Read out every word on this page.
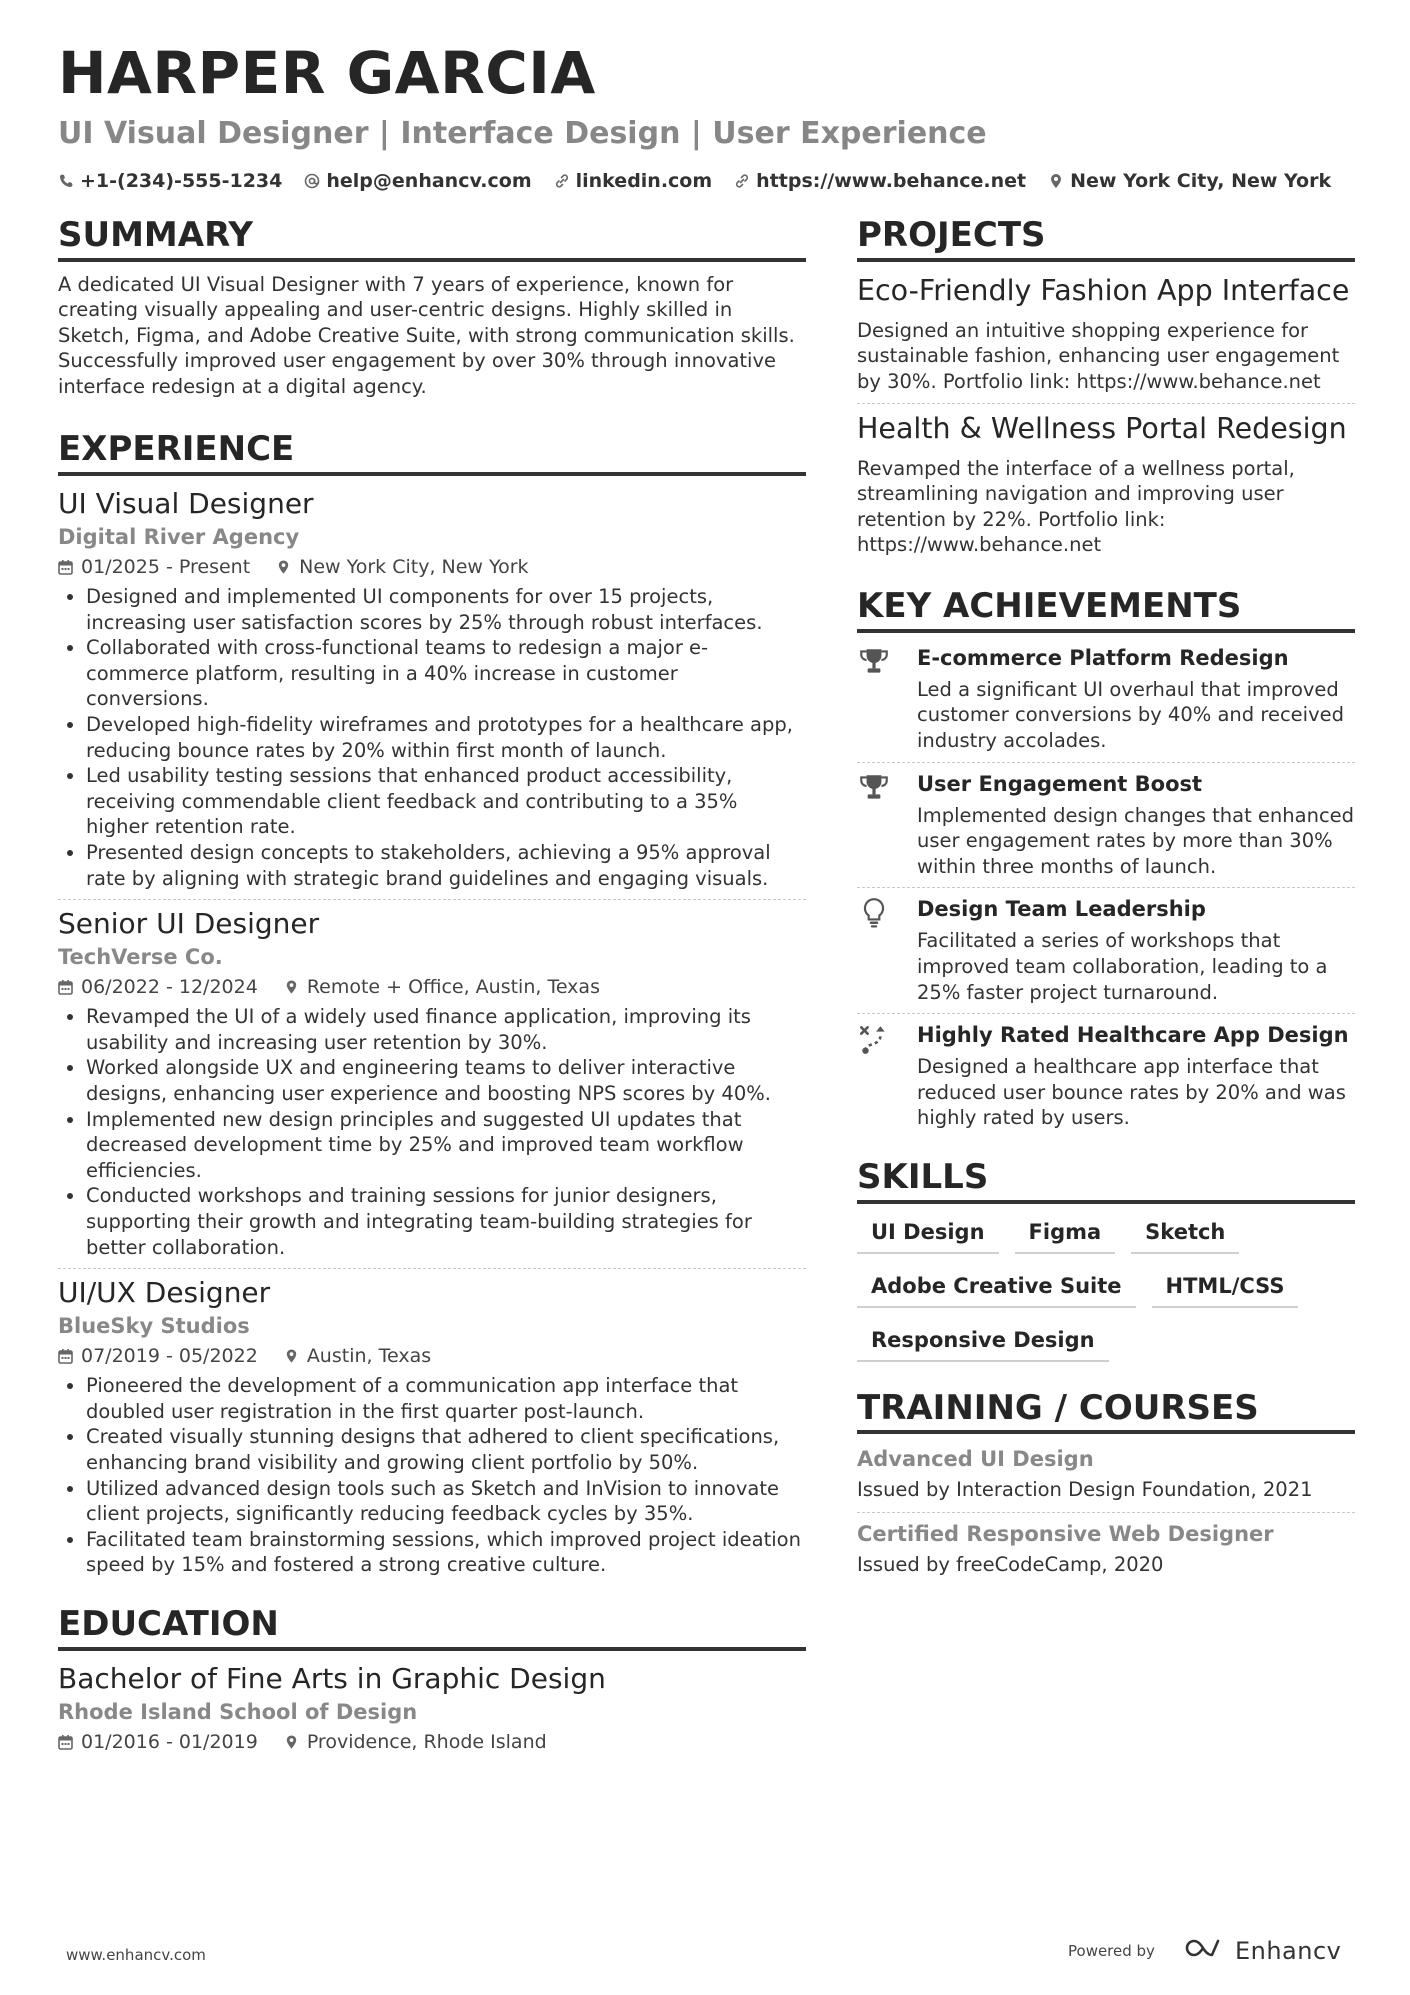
HARPER GARCIA
UI Visual Designer | Interface Design | User Experience
+1-(234)-555-1234 help@enhancv.com linkedin.com https://www.behance.net New York City, New York
SUMMARY

A dedicated UI Visual Designer with 7 years of experience, known for creating visually appealing and user-centric designs. Highly skilled in Sketch, Figma, and Adobe Creative Suite, with strong communication skills. Successfully improved user engagement by over 30% through innovative interface redesign at a digital agency.

EXPERIENCE
UI Visual Designer
Digital River Agency
01/2025 - Present	New York City, New York
• Designed and implemented UI components for over 15 projects, increasing user satisfaction scores by 25% through robust interfaces.
• Collaborated with cross-functional teams to redesign a major e-commerce platform, resulting in a 40% increase in customer conversions.
• Developed high-fidelity wireframes and prototypes for a healthcare app, reducing bounce rates by 20% within first month of launch.
• Led usability testing sessions that enhanced product accessibility, receiving commendable client feedback and contributing to a 35% higher retention rate.
• Presented design concepts to stakeholders, achieving a 95% approval rate by aligning with strategic brand guidelines and engaging visuals.
Senior UI Designer
TechVerse Co.
06/2022 - 12/2024	Remote + Office, Austin, Texas
• Revamped the UI of a widely used finance application, improving its usability and increasing user retention by 30%.
• Worked alongside UX and engineering teams to deliver interactive designs, enhancing user experience and boosting NPS scores by 40%.
• Implemented new design principles and suggested UI updates that decreased development time by 25% and improved team workflow efficiencies.
• Conducted workshops and training sessions for junior designers, supporting their growth and integrating team-building strategies for better collaboration.
UI/UX Designer
BlueSky Studios
07/2019 - 05/2022	Austin, Texas
• Pioneered the development of a communication app interface that doubled user registration in the first quarter post-launch.
• Created visually stunning designs that adhered to client specifications, enhancing brand visibility and growing client portfolio by 50%.
• Utilized advanced design tools such as Sketch and InVision to innovate client projects, significantly reducing feedback cycles by 35%.
• Facilitated team brainstorming sessions, which improved project ideation speed by 15% and fostered a strong creative culture.
EDUCATION
Bachelor of Fine Arts in Graphic Design
Rhode Island School of Design
01/2016 - 01/2019	Providence, Rhode Island
PROJECTS
Eco-Friendly Fashion App Interface
Designed an intuitive shopping experience for sustainable fashion, enhancing user engagement by 30%. Portfolio link: https://www.behance.net
Health & Wellness Portal Redesign
Revamped the interface of a wellness portal, streamlining navigation and improving user retention by 22%. Portfolio link: https://www.behance.net
KEY ACHIEVEMENTS
E-commerce Platform Redesign
Led a significant UI overhaul that improved customer conversions by 40% and received industry accolades.
User Engagement Boost
Implemented design changes that enhanced user engagement rates by more than 30% within three months of launch.
Design Team Leadership
Facilitated a series of workshops that improved team collaboration, leading to a 25% faster project turnaround.
Highly Rated Healthcare App Design
Designed a healthcare app interface that reduced user bounce rates by 20% and was highly rated by users.
SKILLS
UI Design	Figma	Sketch
Adobe Creative Suite	HTML/CSS
Responsive Design
TRAINING / COURSES
Advanced UI Design
Issued by Interaction Design Foundation, 2021
Certified Responsive Web Designer
Issued by freeCodeCamp, 2020
www.enhancv.com	Powered by	Enhancv
